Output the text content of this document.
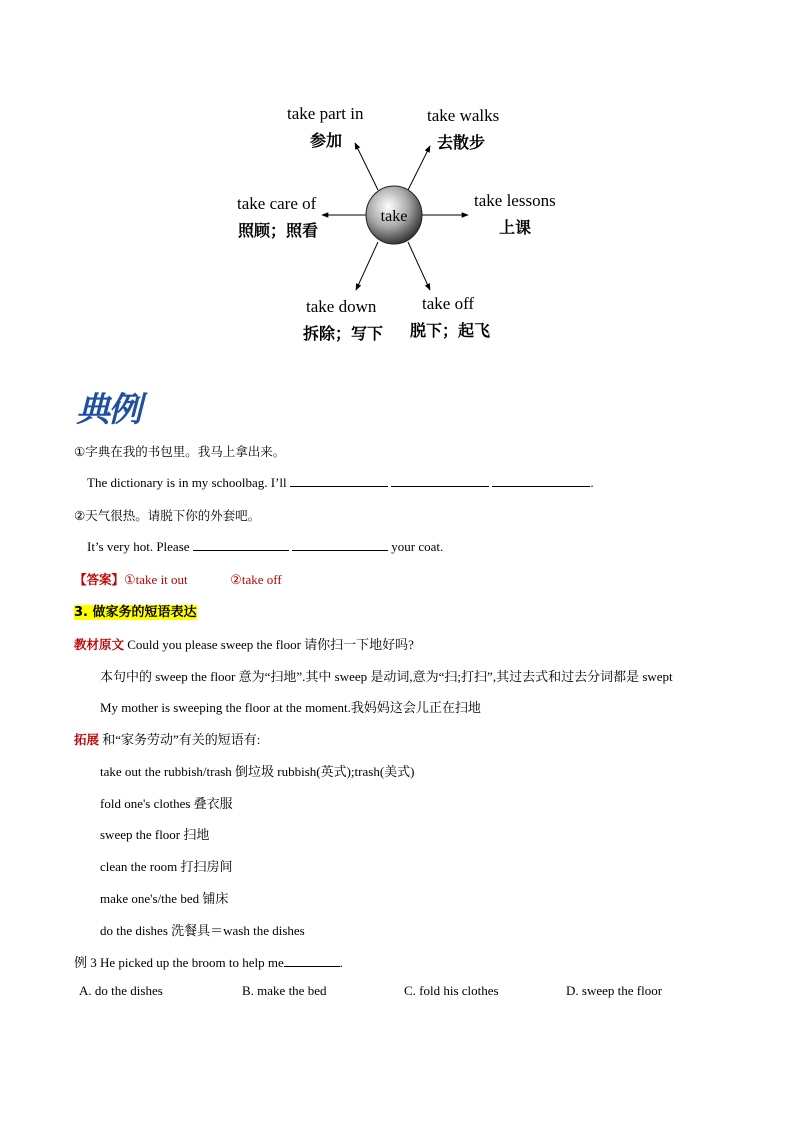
take
take part in
参加
take walks
去散步
take care of
照顾；照看
take lessons
上课
take down
拆除；写下
take off
脱下；起飞
典例
①字典在我的书包里。我马上拿出来。
The dictionary is in my schoolbag. I’ll	.
②天气很热。请脱下你的外套吧。
It’s very hot. Please	your coat.
【答案】①take it out	②take off
3. 做家务的短语表达
教材原文 Could you please sweep the floor 请你扫一下地好吗?
本句中的 sweep the floor 意为“扫地”.其中 sweep 是动词,意为“扫;打扫”,其过去式和过去分词都是 swept
My mother is sweeping the floor at the moment.我妈妈这会儿正在扫地
拓展 和“家务劳动”有关的短语有:
take out the rubbish/trash 倒垃圾 rubbish(英式);trash(美式)
fold one's clothes 叠衣服
sweep the floor 扫地
clean the room 打扫房间
make one's/the bed 铺床
do the dishes 洗餐具＝wash the dishes
例 3 He picked up the broom to help me	.
A. do the dishes	B. make the bed	C. fold his clothes	D. sweep the floor
